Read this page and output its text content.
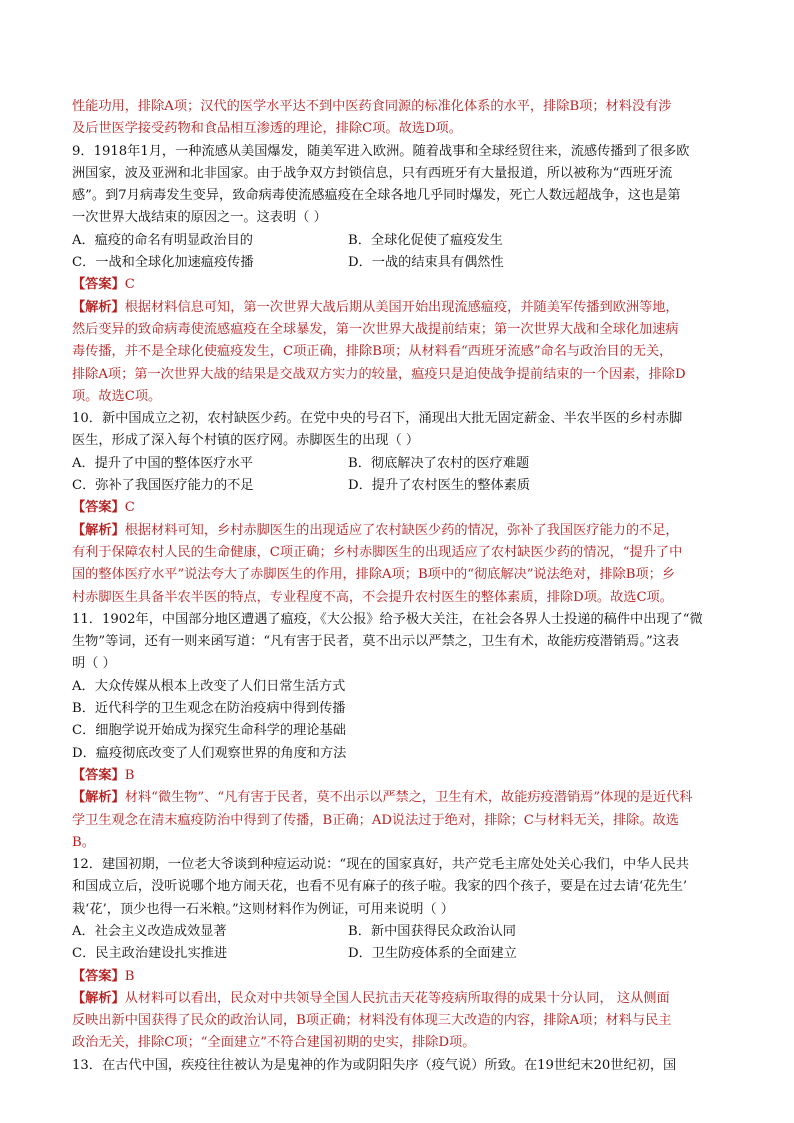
性能功用，排除A项；汉代的医学水平达不到中医药食同源的标准化体系的水平，排除B项；材料没有涉

及后世医学接受药物和食品相互渗透的理论，排除C项。故选D项。

9．1918年1月，一种流感从美国爆发，随美军进入欧洲。随着战事和全球经贸往来，流感传播到了很多欧

洲国家，波及亚洲和北非国家。由于战争双方封锁信息，只有西班牙有大量报道，所以被称为“西班牙流

感”。到7月病毒发生变异，致命病毒使流感瘟疫在全球各地几乎同时爆发，死亡人数远超战争，这也是第

一次世界大战结束的原因之一。这表明（ ）

A．瘟疫的命名有明显政治目的	B．全球化促使了瘟疫发生

C．一战和全球化加速瘟疫传播	D．一战的结束具有偶然性

【答案】C

【解析】根据材料信息可知，第一次世界大战后期从美国开始出现流感瘟疫，并随美军传播到欧洲等地，

然后变异的致命病毒使流感瘟疫在全球暴发，第一次世界大战提前结束；第一次世界大战和全球化加速病

毒传播，并不是全球化使瘟疫发生，C项正确，排除B项；从材料看“西班牙流感”命名与政治目的无关，

排除A项；第一次世界大战的结果是交战双方实力的较量，瘟疫只是迫使战争提前结束的一个因素，排除D

项。故选C项。

10．新中国成立之初，农村缺医少药。在党中央的号召下，涌现出大批无固定薪金、半农半医的乡村赤脚

医生，形成了深入每个村镇的医疗网。赤脚医生的出现（ ）

A．提升了中国的整体医疗水平	B．彻底解决了农村的医疗难题

C．弥补了我国医疗能力的不足	D．提升了农村医生的整体素质

【答案】C

【解析】根据材料可知，乡村赤脚医生的出现适应了农村缺医少药的情况，弥补了我国医疗能力的不足，

有利于保障农村人民的生命健康，C项正确；乡村赤脚医生的出现适应了农村缺医少药的情况，“提升了中

国的整体医疗水平”说法夸大了赤脚医生的作用，排除A项；B项中的“彻底解决”说法绝对，排除B项；乡

村赤脚医生具备半农半医的特点，专业程度不高，不会提升农村医生的整体素质，排除D项。故选C项。

11．1902年，中国部分地区遭遇了瘟疫，《大公报》给予极大关注，在社会各界人士投递的稿件中出现了“微

生物”等词，还有一则来函写道：“凡有害于民者，莫不出示以严禁之，卫生有术，故能疠疫潜销焉。”这表

明（ ）

A．大众传媒从根本上改变了人们日常生活方式

B．近代科学的卫生观念在防治疫病中得到传播

C．细胞学说开始成为探究生命科学的理论基础

D．瘟疫彻底改变了人们观察世界的角度和方法

【答案】B

【解析】材料“微生物”、“凡有害于民者，莫不出示以严禁之，卫生有术，故能疠疫潜销焉”体现的是近代科

学卫生观念在清末瘟疫防治中得到了传播，B正确；AD说法过于绝对，排除；C与材料无关，排除。故选

B。

12．建国初期，一位老大爷谈到种痘运动说：“现在的国家真好，共产党毛主席处处关心我们，中华人民共

和国成立后，没听说哪个地方闹天花，也看不见有麻子的孩子啦。我家的四个孩子，要是在过去请‘花先生’

栽‘花’，顶少也得一石米粮。”这则材料作为例证，可用来说明（ ）

A．社会主义改造成效显著	B．新中国获得民众政治认同

C．民主政治建设扎实推进	D．卫生防疫体系的全面建立

【答案】B

【解析】从材料可以看出，民众对中共领导全国人民抗击天花等疫病所取得的成果十分认同， 这从侧面

反映出新中国获得了民众的政治认同，B项正确；材料没有体现三大改造的内容，排除A项；材料与民主

政治无关，排除C项；“全面建立”不符合建国初期的史实，排除D项。

13．在古代中国，疾疫往往被认为是鬼神的作为或阴阳失序（疫气说）所致。在19世纪末20世纪初，国
